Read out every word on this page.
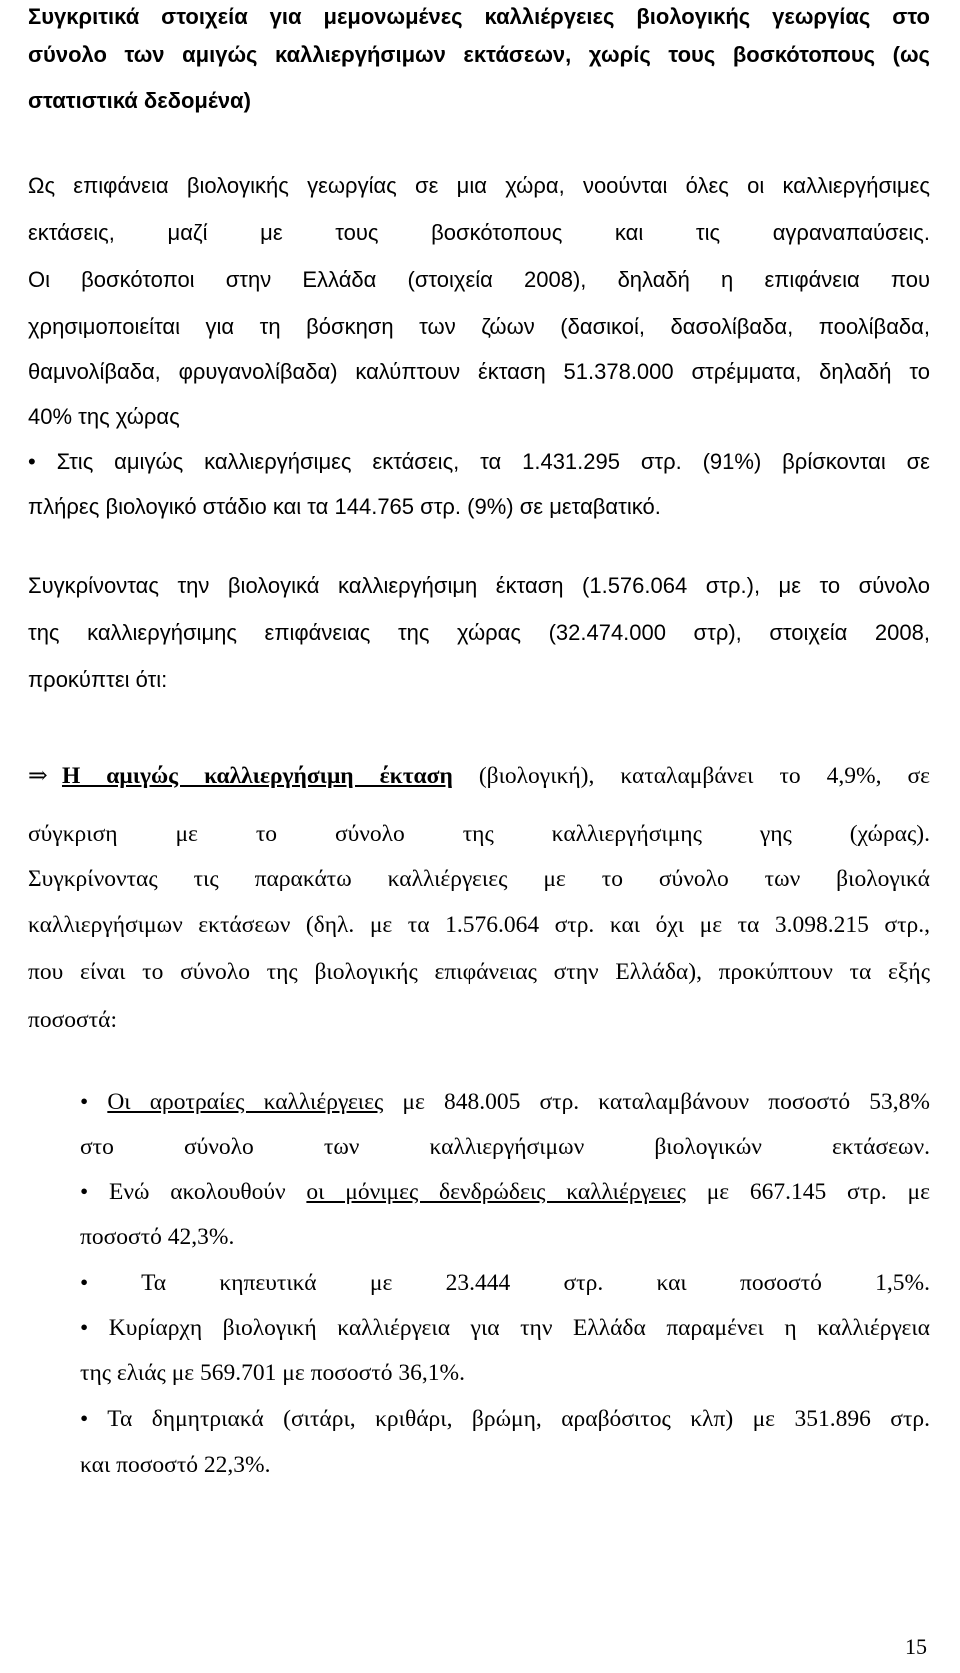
Συγκριτικά στοιχεία για μεμονωμένες καλλιέργειες βιολογικής γεωργίας στο
σύνολο των αμιγώς καλλιεργήσιμων εκτάσεων, χωρίς τους βοσκότοπους (ως
στατιστικά δεδομένα)
Ως επιφάνεια βιολογικής γεωργίας σε μια χώρα, νοούνται όλες οι καλλιεργήσιμες
εκτάσεις, μαζί με τους βοσκότοπους και τις αγραναπαύσεις.
Οι βοσκότοποι στην Ελλάδα (στοιχεία 2008), δηλαδή η επιφάνεια που
χρησιμοποιείται για τη βόσκηση των ζώων (δασικοί, δασολίβαδα, ποολίβαδα,
θαμνολίβαδα, φρυγανολίβαδα) καλύπτουν έκταση 51.378.000 στρέμματα, δηλαδή το
40% της χώρας
• Στις αμιγώς καλλιεργήσιμες εκτάσεις, τα 1.431.295 στρ. (91%) βρίσκονται σε
πλήρες βιολογικό στάδιο και τα 144.765 στρ. (9%) σε μεταβατικό.
Συγκρίνοντας την βιολογικά καλλιεργήσιμη έκταση (1.576.064 στρ.), με το σύνολο
της καλλιεργήσιμης επιφάνειας της χώρας (32.474.000 στρ), στοιχεία 2008,
προκύπτει ότι:
⇒ Η αμιγώς καλλιεργήσιμη έκταση (βιολογική), καταλαμβάνει το 4,9%, σε
σύγκριση με το σύνολο της καλλιεργήσιμης γης (χώρας).
Συγκρίνοντας τις παρακάτω καλλιέργειες με το σύνολο των βιολογικά
καλλιεργήσιμων εκτάσεων (δηλ. με τα 1.576.064 στρ. και όχι με τα 3.098.215 στρ.,
που είναι το σύνολο της βιολογικής επιφάνειας στην Ελλάδα), προκύπτουν τα εξής
ποσοστά:
• Οι αροτραίες καλλιέργειες με 848.005 στρ. καταλαμβάνουν ποσοστό 53,8%
στο σύνολο των καλλιεργήσιμων βιολογικών εκτάσεων.
• Ενώ ακολουθούν οι μόνιμες δενδρώδεις καλλιέργειες με 667.145 στρ. με
ποσοστό 42,3%.
• Τα κηπευτικά με 23.444 στρ. και ποσοστό 1,5%.
• Κυρίαρχη βιολογική καλλιέργεια για την Ελλάδα παραμένει η καλλιέργεια
της ελιάς με 569.701 με ποσοστό 36,1%.
• Τα δημητριακά (σιτάρι, κριθάρι, βρώμη, αραβόσιτος κλπ) με 351.896 στρ.
και ποσοστό 22,3%.
15
